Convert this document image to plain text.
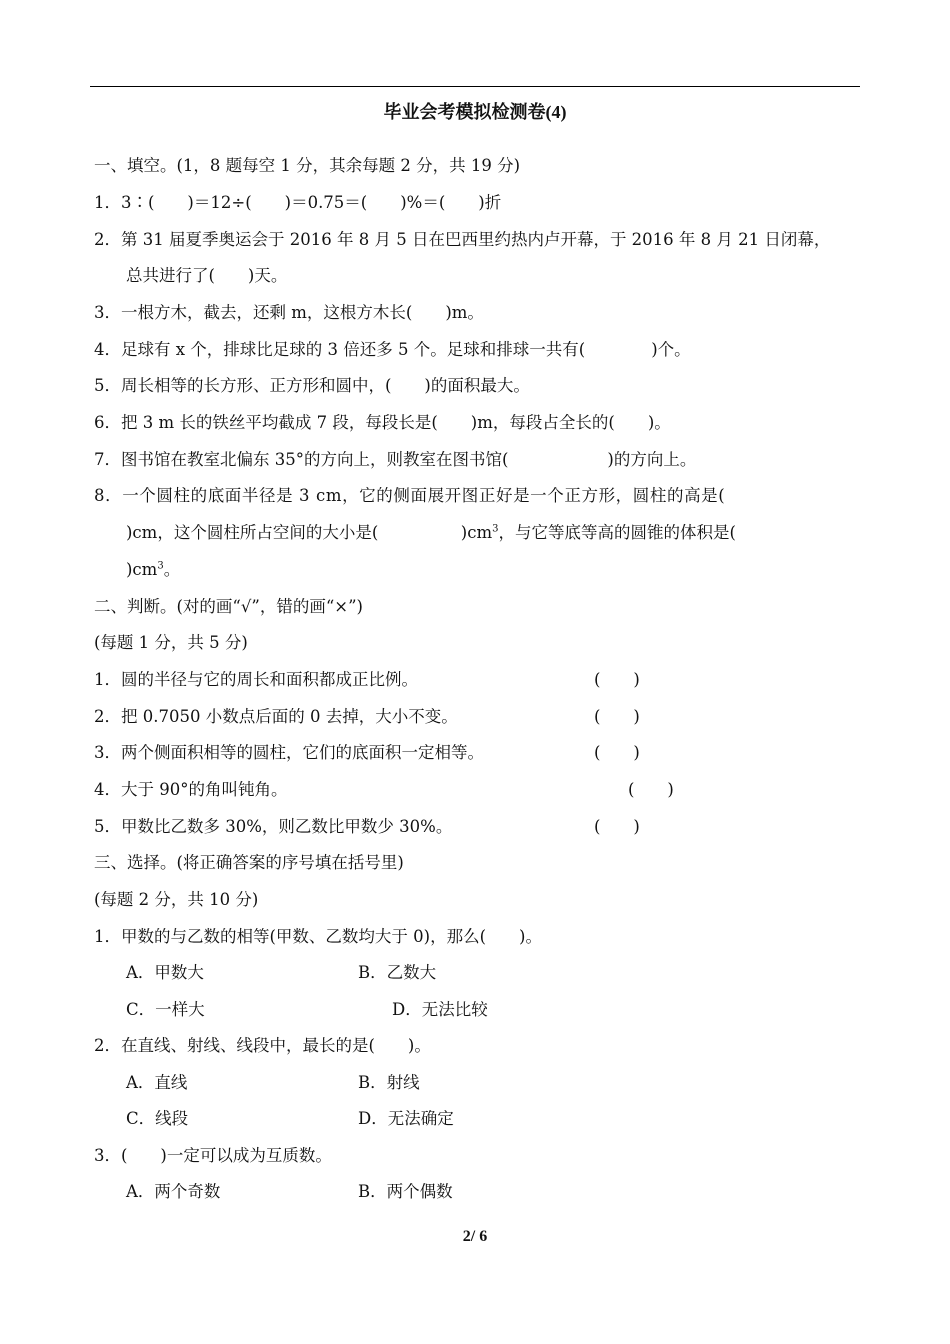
毕业会考模拟检测卷(4)
一、填空。(1，8 题每空 1 分，其余每题 2 分，共 19 分)
1．3∶(　　)＝12÷(　　)＝0.75＝(　　)%＝(　　)折
2．第 31 届夏季奥运会于 2016 年 8 月 5 日在巴西里约热内卢开幕，于 2016 年 8 月 21 日闭幕，
总共进行了(　　)天。
3．一根方木，截去，还剩 m，这根方木长(　　)m。
4．足球有 x 个，排球比足球的 3 倍还多 5 个。足球和排球一共有(　　　　)个。
5．周长相等的长方形、正方形和圆中，(　　)的面积最大。
6．把 3 m 长的铁丝平均截成 7 段，每段长是(　　)m，每段占全长的(　　)。
7．图书馆在教室北偏东 35°的方向上，则教室在图书馆(　　　　　　)的方向上。
8．一个圆柱的底面半径是 3 cm，它的侧面展开图正好是一个正方形，圆柱的高是(
)cm，这个圆柱所占空间的大小是(　　　　　)$cm^3$，与它等底等高的圆锥的体积是(
)$cm^3$。
二、判断。(对的画“√”，错的画“×”)
(每题 1 分，共 5 分)
1．圆的半径与它的周长和面积都成正比例。	(　　)
2．把 0.7050 小数点后面的 0 去掉，大小不变。	(　　)
3．两个侧面积相等的圆柱，它们的底面积一定相等。	(　　)
4．大于 90°的角叫钝角。	(　　)
5．甲数比乙数多 30%，则乙数比甲数少 30%。	(　　)
三、选择。(将正确答案的序号填在括号里)
(每题 2 分，共 10 分)
1．甲数的与乙数的相等(甲数、乙数均大于 0)，那么(　　)。
A．甲数大	B．乙数大
C．一样大	D．无法比较
2．在直线、射线、线段中，最长的是(　　)。
A．直线	B．射线
C．线段	D．无法确定
3．(　　)一定可以成为互质数。
A．两个奇数	B．两个偶数
2/ 6
